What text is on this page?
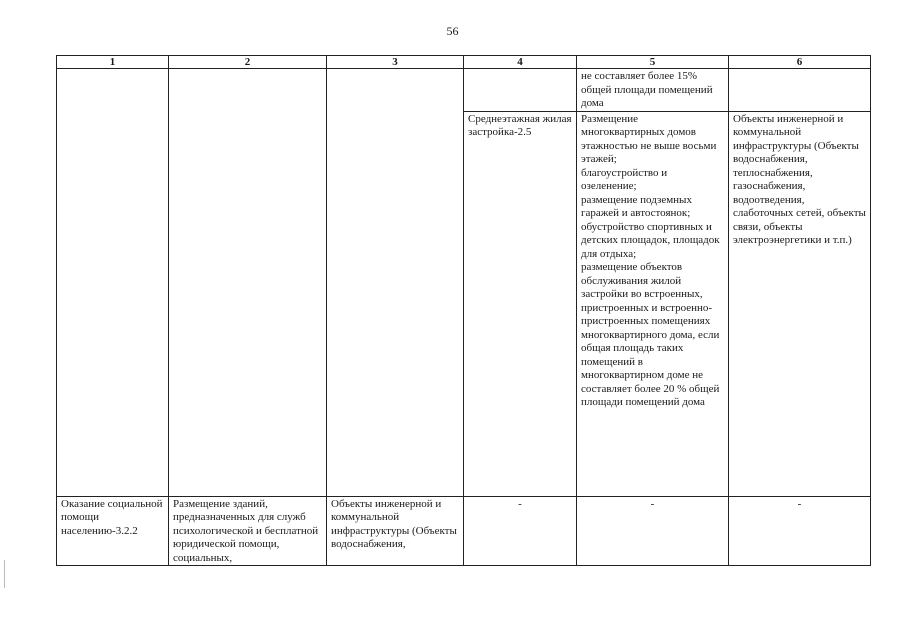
56
1	2	3	4	5	6
				не составляет более 15% общей площади помещений дома	
			Среднеэтажная жилая застройка-2.5	Размещение многоквартирных домов этажностью не выше восьми этажей;
благоустройство и озеленение;
размещение подземных гаражей и автостоянок;
обустройство спортивных и детских площадок, площадок для отдыха;
размещение объектов обслуживания жилой застройки во встроенных, пристроенных и встроенно-пристроенных помещениях многоквартирного дома, если общая площадь таких помещений в многоквартирном доме не составляет более 20 % общей площади помещений дома	Объекты инженерной и коммунальной инфраструктуры (Объекты водоснабжения, теплоснабжения, газоснабжения, водоотведения, слаботочных сетей, объекты связи, объекты электроэнергетики и т.п.)
Оказание социальной помощи населению-3.2.2	Размещение зданий, предназначенных для служб психологической и бесплатной юридической помощи, социальных,	Объекты инженерной и коммунальной инфраструктуры (Объекты водоснабжения,	-	-	-
